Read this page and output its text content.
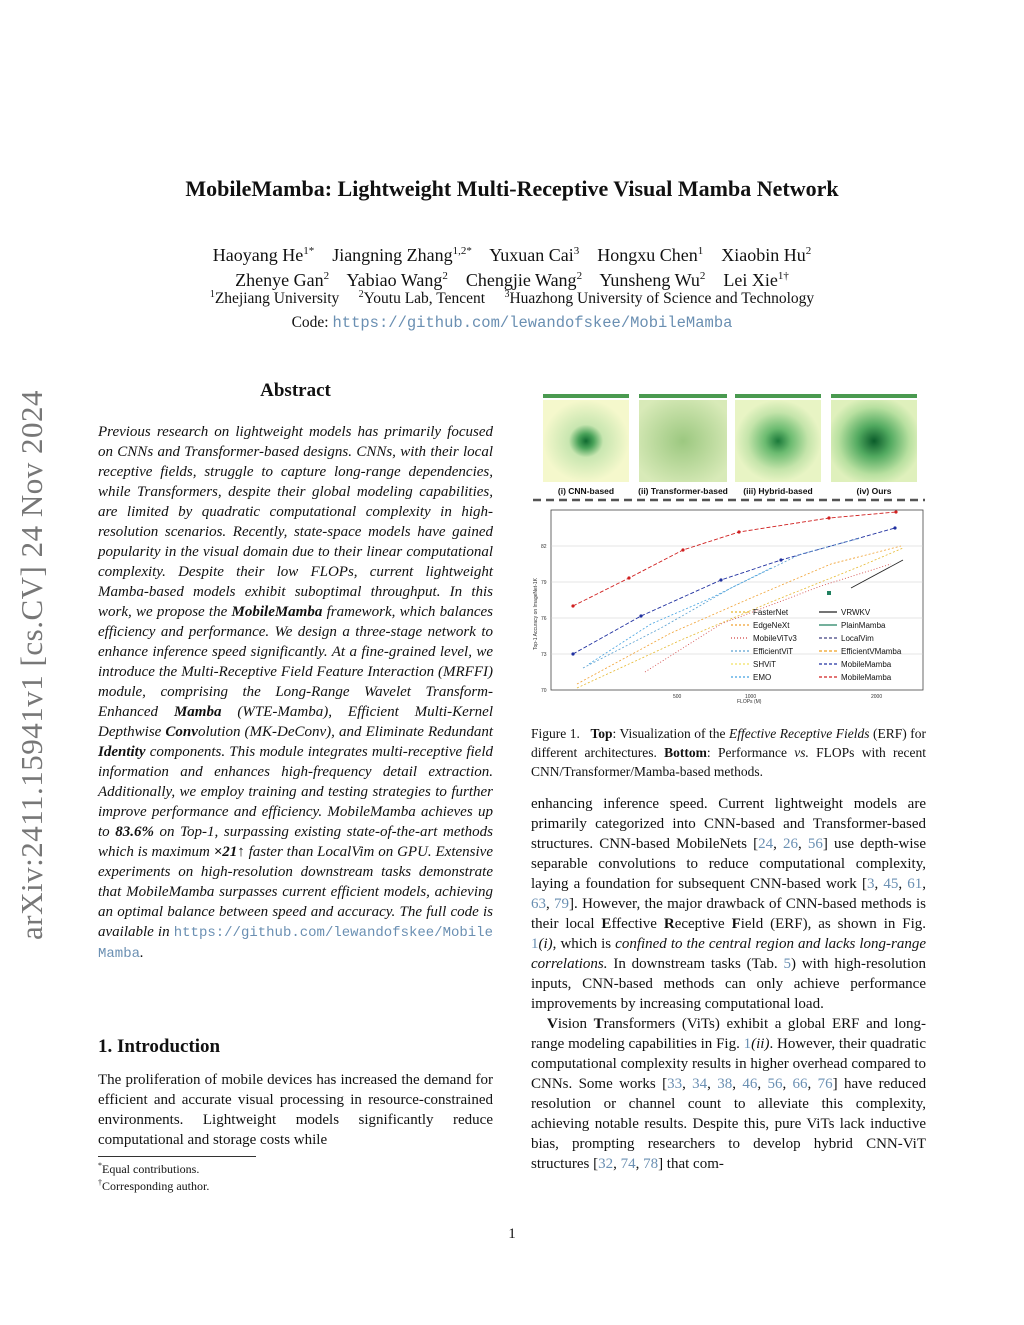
MobileMamba: Lightweight Multi-Receptive Visual Mamba Network
Haoyang $He^{1*}$ Jiangning Zhang$^{1,2*}$ Yuxuan Cai$^3$ Hongxu Chen$^1$ Xiaobin Hu$^2$
Zhenye Gan$^2$ Yabiao Wang$^2$ Chengjie Wang$^2$ Yunsheng Wu$^2$ Lei Xie$^{1\dagger}$
$^1$Zhejiang University $^2$Youtu Lab, Tencent $^3$Huazhong University of Science and Technology
Code: https://github.com/lewandofskee/MobileMamba
arXiv:2411.15941v1 [cs.CV] 24 Nov 2024	Abstract
Previous research on lightweight models has primarily focused on CNNs and Transformer-based designs. CNNs, with their local receptive fields, struggle to capture long-range dependencies, while Transformers, despite their global modeling capabilities, are limited by quadratic computational complexity in high-resolution scenarios. Recently, state-space models have gained popularity in the visual domain due to their linear computational complexity. Despite their low FLOPs, current lightweight Mamba-based models exhibit suboptimal throughput. In this work, we propose the MobileMamba framework, which balances efficiency and performance. We design a three-stage network to enhance inference speed significantly. At a fine-grained level, we introduce the Multi-Receptive Field Feature Interaction (MRFFI) module, comprising the Long-Range Wavelet Transform-Enhanced Mamba (WTE-Mamba), Efficient Multi-Kernel Depthwise Convolution (MK-DeConv), and Eliminate Redundant Identity components. This module integrates multi-receptive field information and enhances high-frequency detail extraction. Additionally, we employ training and testing strategies to further improve performance and efficiency. MobileMamba achieves up to 83.6% on Top-1, surpassing existing state-of-the-art methods which is maximum ×21↑ faster than LocalVim on GPU. Extensive experiments on high-resolution downstream tasks demonstrate that MobileMamba surpasses current efficient models, achieving an optimal balance between speed and accuracy. The full code is available in https://github.com/lewandofskee/MobileMamba.
1. Introduction
The proliferation of mobile devices has increased the demand for efficient and accurate visual processing in resource-constrained environments. Lightweight models significantly reduce computational and storage costs while
*Equal contributions.
†Corresponding author.
(i) CNN-based	(ii) Transformer-based (iii) Hybrid-based	(iv) Ours
70
73
76
79
82
500	1000	2000
FLOPs (M)
Top-1 Accuracy on ImageNet-1K	FasterNet
EdgeNeXt
MobileViTv3
EfficientViT
SHViT
EMO
VRWKV
PlainMamba
LocalVim
EfficientVMamba
MobileMamba
MobileMamba
Figure 1. Top: Visualization of the Effective Receptive Fields (ERF) for different architectures. Bottom: Performance vs. FLOPs with recent CNN/Transformer/Mamba-based methods.

enhancing inference speed. Current lightweight models are primarily categorized into CNN-based and Transformer-based structures. CNN-based MobileNets [24, 26, 56] use depth-wise separable convolutions to reduce computational complexity, laying a foundation for subsequent CNN-based work [3, 45, 61, 63, 79]. However, the major drawback of CNN-based methods is their local Effective Receptive Field (ERF), as shown in Fig. 1(i), which is confined to the central region and lacks long-range correlations. In downstream tasks (Tab. 5) with high-resolution inputs, CNN-based methods can only achieve performance improvements by increasing computational load.

Vision Transformers (ViTs) exhibit a global ERF and long-range modeling capabilities in Fig. 1(ii). However, their quadratic computational complexity results in higher overhead compared to CNNs. Some works [33, 34, 38, 46, 56, 66, 76] have reduced resolution or channel count to alleviate this complexity, achieving notable results. Despite this, pure ViTs lack inductive bias, prompting researchers to develop hybrid CNN-ViT structures [32, 74, 78] that com-

1
